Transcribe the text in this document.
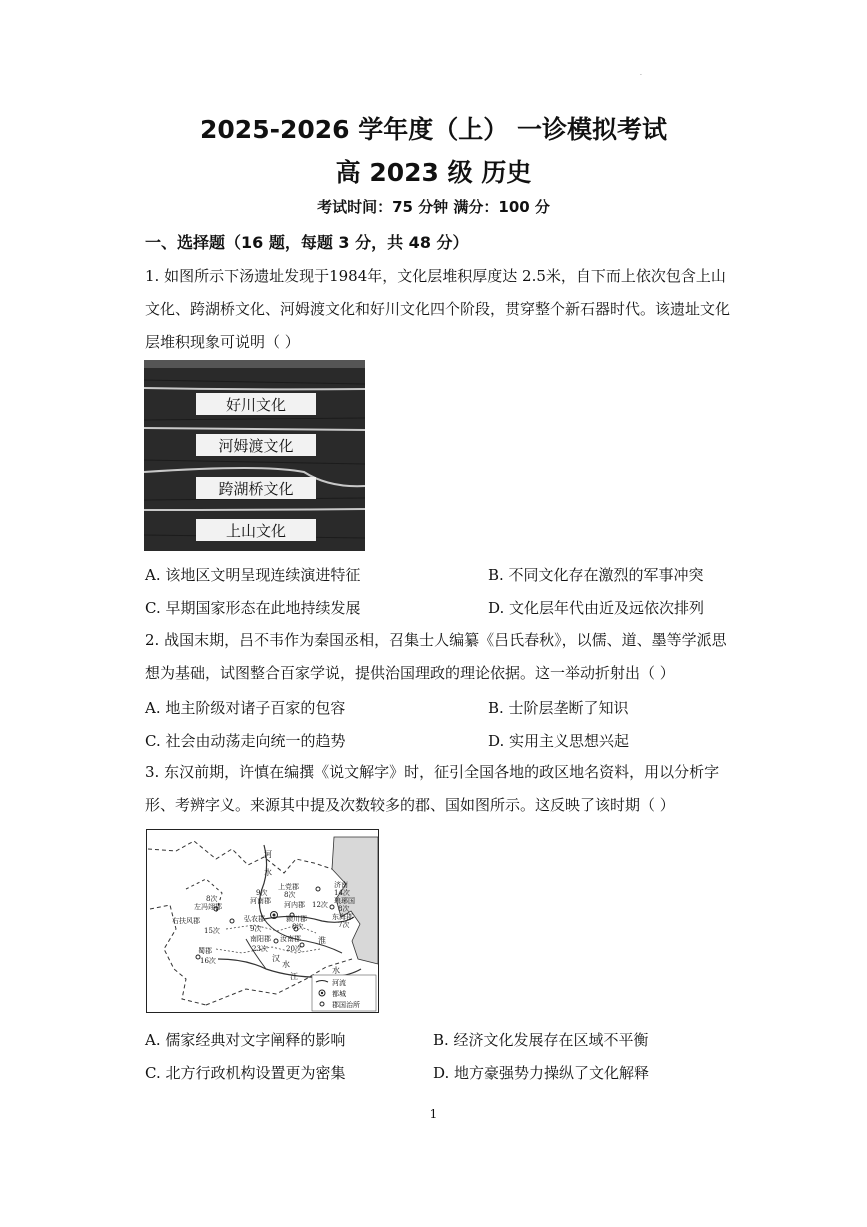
·
2025-2026 学年度（上） 一诊模拟考试
高 2023 级 历史
考试时间：75 分钟 满分：100 分
一、选择题（16 题，每题 3 分，共 48 分）
1. 如图所示下汤遗址发现于1984年，文化层堆积厚度达 2.5米，自下而上依次包含上山文化、跨湖桥文化、河姆渡文化和好川文化四个阶段，贯穿整个新石器时代。该遗址文化层堆积现象可说明（ ）
好川文化
河姆渡文化
跨湖桥文化
上山文化
A. 该地区文明呈现连续演进特征	B. 不同文化存在激烈的军事冲突
C. 早期国家形态在此地持续发展	D. 文化层年代由近及远依次排列
2. 战国末期，吕不韦作为秦国丞相，召集士人编纂《吕氏春秋》，以儒、道、墨等学派思想为基础，试图整合百家学说，提供治国理政的理论依据。这一举动折射出（ ）
A. 地主阶级对诸子百家的包容	B. 士阶层垄断了知识
C. 社会由动荡走向统一的趋势	D. 实用主义思想兴起
3. 东汉前期，许慎在编撰《说文解字》时，征引全国各地的政区地名资料，用以分析字形、考辨字义。来源其中提及次数较多的郡、国如图所示。这反映了该时期（ ）
河
水
上党郡
8次
济南
14次
琅琊国
8次
东海郡
7次
8次
左冯翊郡
河南郡
9次
河内郡 12次
右扶风郡
15次
弘农郡	颍川郡
8次
9次
南阳郡
23次
汝南郡
20次
淮
汉
水
蜀郡
16次
江
水
河流
都城
郡国治所
A. 儒家经典对文字阐释的影响	B. 经济文化发展存在区域不平衡
C. 北方行政机构设置更为密集	D. 地方豪强势力操纵了文化解释
1
